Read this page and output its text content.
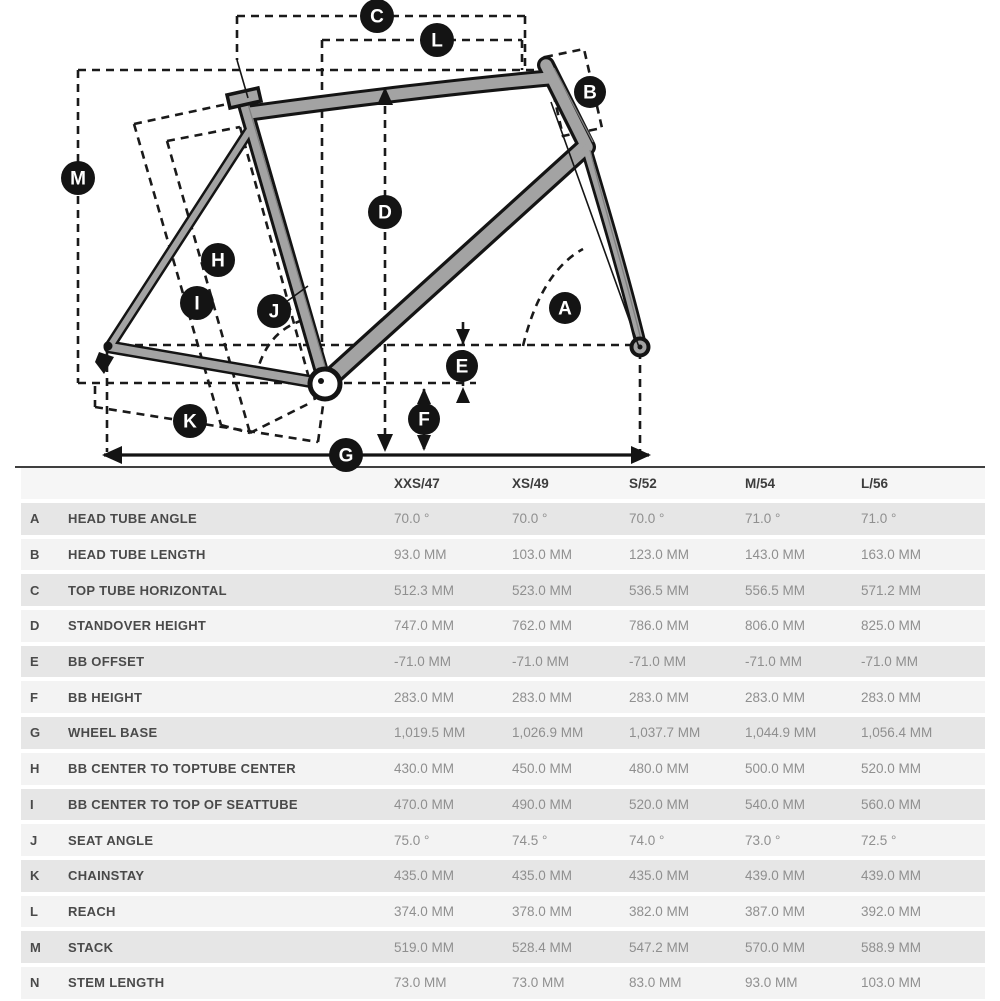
C
L
B
M
D
H
I	J	A
E
F
G
K
XXS/47	XS/49	S/52	M/54	L/56
A	HEAD TUBE ANGLE	70.0 °	70.0 °	70.0 °	71.0 °	71.0 °
B	HEAD TUBE LENGTH	93.0 MM	103.0 MM	123.0 MM	143.0 MM	163.0 MM
C	TOP TUBE HORIZONTAL	512.3 MM	523.0 MM	536.5 MM	556.5 MM	571.2 MM
D	STANDOVER HEIGHT	747.0 MM	762.0 MM	786.0 MM	806.0 MM	825.0 MM
E	BB OFFSET	-71.0 MM	-71.0 MM	-71.0 MM	-71.0 MM	-71.0 MM
F	BB HEIGHT	283.0 MM	283.0 MM	283.0 MM	283.0 MM	283.0 MM
G	WHEEL BASE	1,019.5 MM	1,026.9 MM	1,037.7 MM	1,044.9 MM	1,056.4 MM
H	BB CENTER TO TOPTUBE CENTER	430.0 MM	450.0 MM	480.0 MM	500.0 MM	520.0 MM
I	BB CENTER TO TOP OF SEATTUBE	470.0 MM	490.0 MM	520.0 MM	540.0 MM	560.0 MM
J	SEAT ANGLE	75.0 °	74.5 °	74.0 °	73.0 °	72.5 °
K	CHAINSTAY	435.0 MM	435.0 MM	435.0 MM	439.0 MM	439.0 MM
L	REACH	374.0 MM	378.0 MM	382.0 MM	387.0 MM	392.0 MM
M	STACK	519.0 MM	528.4 MM	547.2 MM	570.0 MM	588.9 MM
N	STEM LENGTH	73.0 MM	73.0 MM	83.0 MM	93.0 MM	103.0 MM
